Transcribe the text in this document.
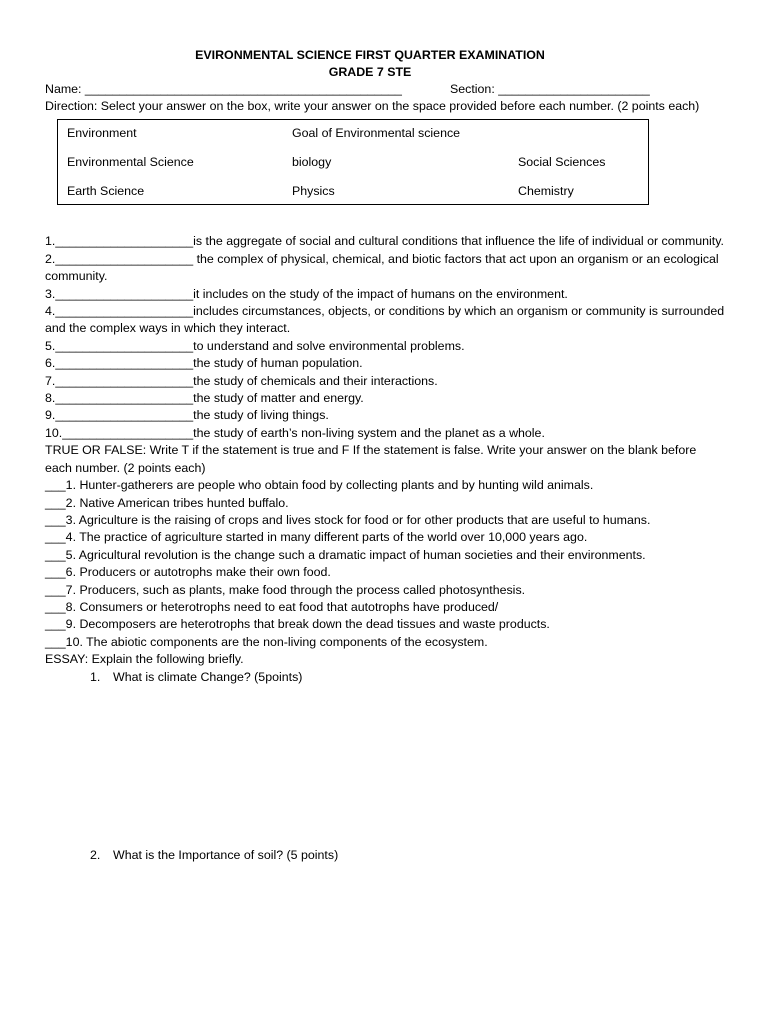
EVIRONMENTAL SCIENCE FIRST QUARTER EXAMINATION
GRADE 7 STE
Name: ______________________________________________	Section: ______________________
Direction: Select your answer on the box, write your answer on the space provided before each number. (2 points each)
Environment	Goal of Environmental science
Environmental Science	biology	Social Sciences
Earth Science	Physics	Chemistry
1.____________________is the aggregate of social and cultural conditions that influence the life of individual or community.
2.____________________ the complex of physical, chemical, and biotic factors that act upon an organism or an ecological community.
3.____________________it includes on the study of the impact of humans on the environment.
4.____________________includes circumstances, objects, or conditions by which an organism or community is surrounded and the complex ways in which they interact.
5.____________________to understand and solve environmental problems.
6.____________________the study of human population.
7.____________________the study of chemicals and their interactions.
8.____________________the study of matter and energy.
9.____________________the study of living things.
10.___________________the study of earth’s non-living system and the planet as a whole.
TRUE OR FALSE: Write T if the statement is true and F If the statement is false. Write your answer on the blank before each number. (2 points each)
___1. Hunter-gatherers are people who obtain food by collecting plants and by hunting wild animals.
___2. Native American tribes hunted buffalo.
___3. Agriculture is the raising of crops and lives stock for food or for other products that are useful to humans.
___4. The practice of agriculture started in many different parts of the world over 10,000 years ago.
___5. Agricultural revolution is the change such a dramatic impact of human societies and their environments.
___6. Producers or autotrophs make their own food.
___7. Producers, such as plants, make food through the process called photosynthesis.
___8. Consumers or heterotrophs need to eat food that autotrophs have produced/
___9. Decomposers are heterotrophs that break down the dead tissues and waste products.
___10. The abiotic components are the non-living components of the ecosystem.
ESSAY: Explain the following briefly.
1. What is climate Change? (5points)
2. What is the Importance of soil? (5 points)
